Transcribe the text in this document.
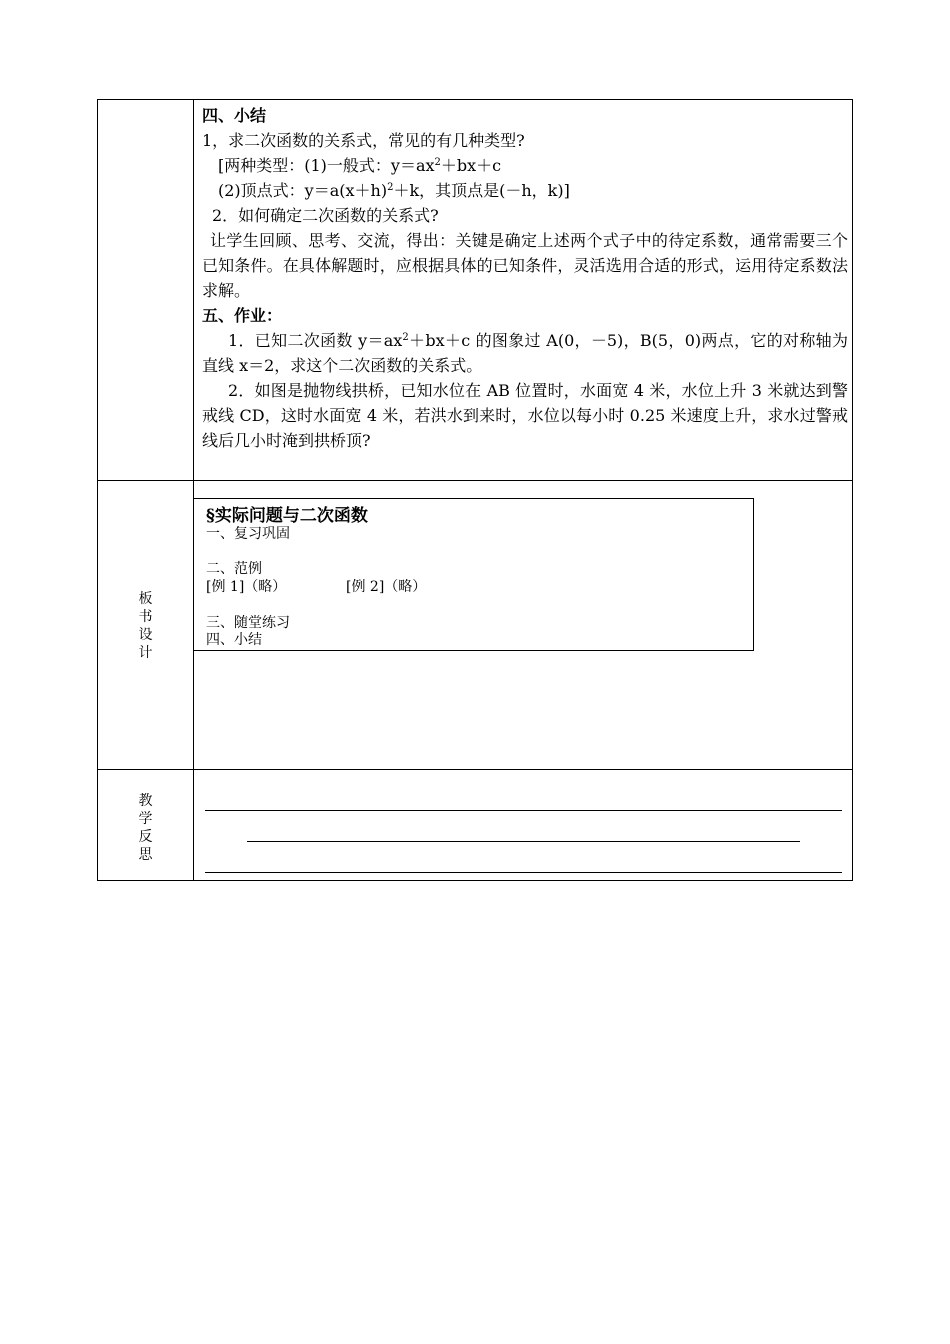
四、小结
1，求二次函数的关系式，常见的有几种类型?
[两种类型：(1)一般式：$y=ax^2+bx+c$
(2)顶点式：$y=a(x+h)^2+k$，其顶点是(－h，k)]
2．如何确定二次函数的关系式?
让学生回顾、思考、交流，得出：关键是确定上述两个式子中的待定系数，通常需要三个已知条件。在具体解题时，应根据具体的已知条件，灵活选用合适的形式，运用待定系数法求解。
五、作业：
1．已知二次函数 $y=ax^2+bx+c$ 的图象过 A(0，－5)，B(5，0)两点，它的对称轴为直线 x＝2，求这个二次函数的关系式。
2．如图是抛物线拱桥，已知水位在 AB 位置时，水面宽 4 米，水位上升 3 米就达到警戒线 CD，这时水面宽 4 米，若洪水到来时，水位以每小时 0.25 米速度上升，求水过警戒线后几小时淹到拱桥顶?
板
书
设
计
§实际问题与二次函数
一、复习巩固
二、范例
[例 1]（略）	[例 2]（略）
三、随堂练习
四、小结
教
学
反
思
